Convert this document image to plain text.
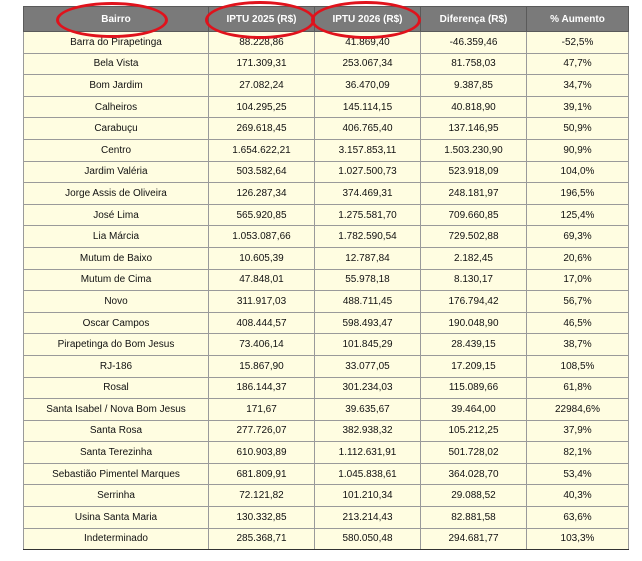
Bairro	IPTU 2025 (R$)	IPTU 2026 (R$)	Diferença (R$)	% Aumento
Barra do Pirapetinga	88.228,86	41.869,40	-46.359,46	-52,5%
Bela Vista	171.309,31	253.067,34	81.758,03	47,7%
Bom Jardim	27.082,24	36.470,09	9.387,85	34,7%
Calheiros	104.295,25	145.114,15	40.818,90	39,1%
Carabuçu	269.618,45	406.765,40	137.146,95	50,9%
Centro	1.654.622,21	3.157.853,11	1.503.230,90	90,9%
Jardim Valéria	503.582,64	1.027.500,73	523.918,09	104,0%
Jorge Assis de Oliveira	126.287,34	374.469,31	248.181,97	196,5%
José Lima	565.920,85	1.275.581,70	709.660,85	125,4%
Lia Márcia	1.053.087,66	1.782.590,54	729.502,88	69,3%
Mutum de Baixo	10.605,39	12.787,84	2.182,45	20,6%
Mutum de Cima	47.848,01	55.978,18	8.130,17	17,0%
Novo	311.917,03	488.711,45	176.794,42	56,7%
Oscar Campos	408.444,57	598.493,47	190.048,90	46,5%
Pirapetinga do Bom Jesus	73.406,14	101.845,29	28.439,15	38,7%
RJ-186	15.867,90	33.077,05	17.209,15	108,5%
Rosal	186.144,37	301.234,03	115.089,66	61,8%
Santa Isabel / Nova Bom Jesus	171,67	39.635,67	39.464,00	22984,6%
Santa Rosa	277.726,07	382.938,32	105.212,25	37,9%
Santa Terezinha	610.903,89	1.112.631,91	501.728,02	82,1%
Sebastião Pimentel Marques	681.809,91	1.045.838,61	364.028,70	53,4%
Serrinha	72.121,82	101.210,34	29.088,52	40,3%
Usina Santa Maria	130.332,85	213.214,43	82.881,58	63,6%
Indeterminado	285.368,71	580.050,48	294.681,77	103,3%
